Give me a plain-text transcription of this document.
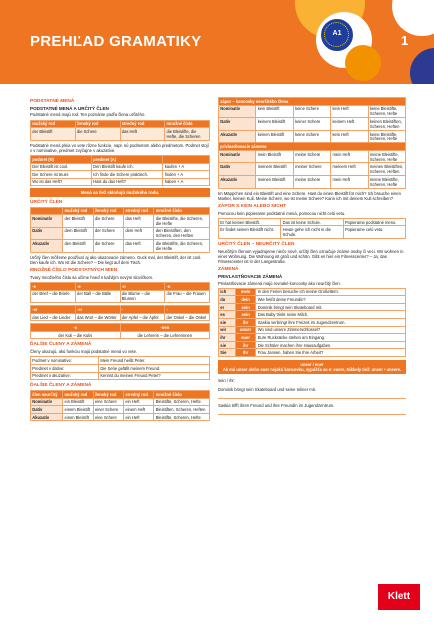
PREHĽAD GRAMATIKY	A1	1
PODSTATNÉ MENÁ
PODSTATNÉ MENÁ A URČITÝ ČLEN
Podstatné mená majú rod. Ten poznáme podľa člena určitého.
mužský rod	ženský rod	stredný rod	množné číslo
der Bleistift	die Schere	das Heft	die Bleistifte, die Hefte, die Scheren
Podstatné mená plnia vo vete rôzne funkcie, napr. sú podmetom alebo predmetom. Podmet stojí v v nominative, predmet zvyčajne v akuzatíve.
podmet (N)	predmet (A)	
Der Bleistift ist cool.	Den Bleistift kaufe ich.	kaufen + A
Die Schere ist teuer.	Ich finde die Schere praktisch.	finden + A
Wo ist das Heft?	Hast du das Heft?	haben + A
Mená sa tiež skloňujú mužského rodu.
URČITÝ ČLEN
	mužský rod	ženský rod	stredný rod	množné číslo
Nominatív	der Bleistift	die Schere	das Heft	die Bleistifte, die Scheren, die Hefte
Datív	dem Bleistift	der Schere	dem Heft	den Bleistiften, den Scheren, den Heften
Akuzatív	den Bleistift	die Schere	das Heft	die Bleistifte, die Scheren, die Hefte
Určitý člen môžeme používať aj ako ukazovacie zámeno. Guck mal, der Bleistift, der ist cool. Den kaufe ich. Wo ist die Schere? – Die liegt auf dem Tisch.
MNOŽNÉ ČÍSLO PODSTATNÝCH MIEN
Tvary množného čísla sa učíme hneď s každým novým slovíčkom.
-e	-e	-n	-n
der Brief – die Briefe	der Ball – die Bälle	die Blume – die Blumen	die Frau – die Frauen
-er	-er	-	-
das Lied – die Lieder	das Wort – die Wörter	der Apfel – die Äpfel	der Onkel – die Onkel
-s	-nen
der Kuli – die Kulis	die Lehrerin – die Lehrerinnen
ĎALŠIE ČLENY A ZÁMENÁ
Členy ukazujú, akú funkciu majú podstatné mená vo vete.
Podmet v nominatíve:	Mein Freund heißt Peter.
Predmet v datíve:	Die Serie gefällt meinem Freund.
Predmet v akuzatíve:	Kennst du meinen Freund Peter?
ĎALŠIE ČLENY A ZÁMENÁ
člen neurčitý	mužský rod	ženský rod	stredný rod	množné číslo
Nominatív	ein Bleistift	eine Schere	ein Heft	Bleistifte, Scheren, Hefte
Datív	einem Bleistift	einer Schere	einem Heft	Bleistiften, Scheren, Heften
Akuzatív	einen Bleistift	eine Schere	ein Heft	Bleistifte, Scheren, Hefte
zápor – koncovky neurčitého člena				
Nominatív	kein Bleistift	keine Schere	kein Heft	keine Bleistifte, Scheren, Hefte
Datív	keinem Bleistift	keiner Schere	keinem Heft	keinen Bleistiften, Scheren, Heften
Akuzatív	keinen Bleistift	keine Schere	kein Heft	keine Bleistifte, Scheren, Hefte
privlastňovacie zámeno				
Nominatív	mein Bleistift	meine Schere	mein Heft	meine Bleistifte, Scheren, Hefte
Datív	meinem Bleistift	meiner Schere	meinem Heft	meinen Bleistiften, Scheren, Heften
Akuzatív	meinen Bleistift	meine Schere	mein Heft	meine Bleistifte, Scheren, Hefte
Im Mäppchen sind ein Bleistift und eine Schere. Hast du einen Bleistift für mich? Ich brauche einen Marker, keinen Kuli. Meine Schere, wo ist meine Schere? Kann ich mit deinem Kuli schreiben?
ZÁPOR S KEIN ALEBO NICHT
Pomocou kein popierame podstatné mená, pomocou nicht celú vetu.
Er hat keinen Bleistift.	Das ist keine Schule.	Popierame podstatné meno.
Er findet seinen Bleistift nicht.	Heute gehe ich nicht in die Schule.	Popierame celú vetu.
URČITÝ ČLEN – NEURČITÝ ČLEN
Neurčitým členom vyjadrujeme niečo nové, určitý člen označuje známe osoby či veci. Wir wohnen in einer Wohnung. Die Wohnung ist groß und schön. Gibt es hier ein Fitnesscenter? – Ja, das Fitnesscenter ist in der Langestraße.
ZÁMENÁ
PRIVLASTŇOVACIE ZÁMENÁ
Privlastňovacie zámená majú rovnaké koncovky ako neurčitý člen.
ich	mein	In den Ferien besuche ich meine Großeltern.
du	dein	Wie heißt deine Freundin?
er	sein	Dominik bringt sein Skateboard mit.
es	sein	Das Baby trinkt seine Milch.
sie	ihr	Saskia verbringt ihre Freizeit im Jugendzentrum.
wir	unser	Wo sind unsere Zimmerschlüssel?
ihr	euer	Eure Rucksäcke stehen am Eingang.
sie	ihr	Die Schüler machen ihre Hausaufgaben.
Sie	Ihr	Frau Jansen, haben Sie Ihre Arbeit?
unser / euer
Ak má unser alebo euer nejakú koncovku, vypúšťa sa e: euere, Nikkoly tiež: unser • unsere.
sein / ihr:
Dominik bringt sein Skateboard und seine Inliner mit.
Saskia trifft ihren Freund und ihre Freundin im Jugendzentrum.
Klett
